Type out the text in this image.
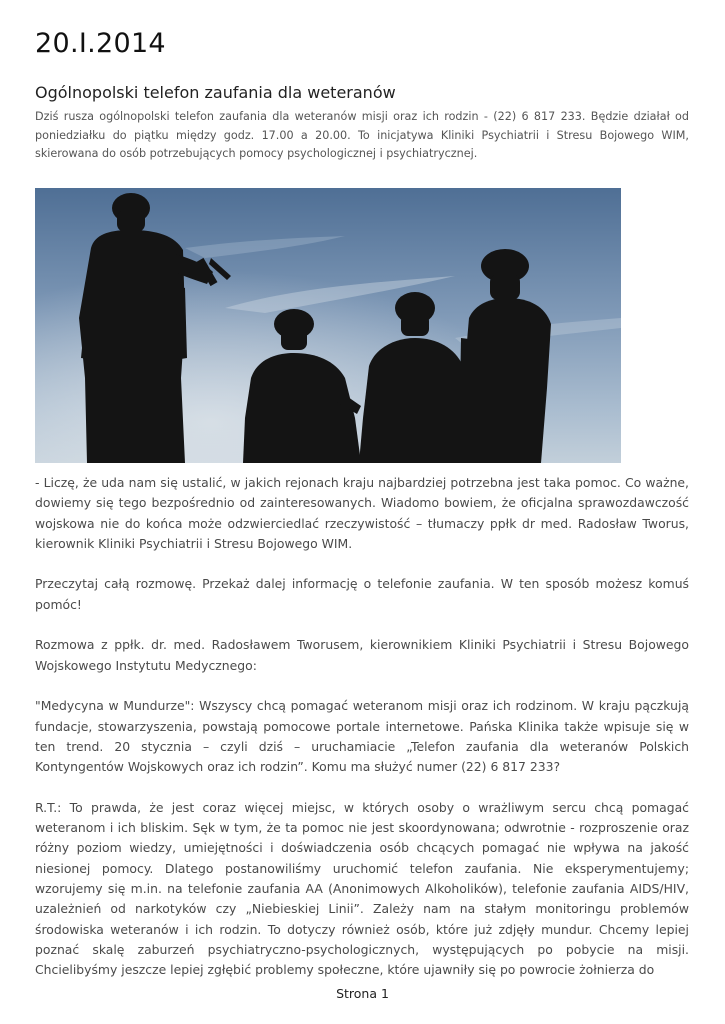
20.I.2014
Ogólnopolski telefon zaufania dla weteranów

Dziś rusza ogólnopolski telefon zaufania dla weteranów misji oraz ich rodzin - (22) 6 817 233. Będzie działał od poniedziałku do piątku między godz. 17.00 a 20.00. To inicjatywa Kliniki Psychiatrii i Stresu Bojowego WIM, skierowana do osób potrzebujących pomocy psychologicznej i psychiatrycznej.

- Liczę, że uda nam się ustalić, w jakich rejonach kraju najbardziej potrzebna jest taka pomoc. Co ważne, dowiemy się tego bezpośrednio od zainteresowanych. Wiadomo bowiem, że oficjalna sprawozdawczość wojskowa nie do końca może odzwierciedlać rzeczywistość – tłumaczy ppłk dr med. Radosław Tworus, kierownik Kliniki Psychiatrii i Stresu Bojowego WIM.

Przeczytaj całą rozmowę. Przekaż dalej informację o telefonie zaufania. W ten sposób możesz komuś pomóc!

Rozmowa z ppłk. dr. med. Radosławem Tworusem, kierownikiem Kliniki Psychiatrii i Stresu Bojowego Wojskowego Instytutu Medycznego:

"Medycyna w Mundurze": Wszyscy chcą pomagać weteranom misji oraz ich rodzinom. W kraju pączkują fundacje, stowarzyszenia, powstają pomocowe portale internetowe. Pańska Klinika także wpisuje się w ten trend. 20 stycznia – czyli dziś – uruchamiacie „Telefon zaufania dla weteranów Polskich Kontyngentów Wojskowych oraz ich rodzin”. Komu ma służyć numer (22) 6 817 233?

R.T.: To prawda, że jest coraz więcej miejsc, w których osoby o wrażliwym sercu chcą pomagać weteranom i ich bliskim. Sęk w tym, że ta pomoc nie jest skoordynowana; odwrotnie - rozproszenie oraz różny poziom wiedzy, umiejętności i doświadczenia osób chcących pomagać nie wpływa na jakość niesionej pomocy. Dlatego postanowiliśmy uruchomić telefon zaufania. Nie eksperymentujemy; wzorujemy się m.in. na telefonie zaufania AA (Anonimowych Alkoholików), telefonie zaufania AIDS/HIV, uzależnień od narkotyków czy „Niebieskiej Linii”. Zależy nam na stałym monitoringu problemów środowiska weteranów i ich rodzin. To dotyczy również osób, które już zdjęły mundur. Chcemy lepiej poznać skalę zaburzeń psychiatryczno-psychologicznych, występujących po pobycie na misji. Chcielibyśmy jeszcze lepiej zgłębić problemy społeczne, które ujawniły się po powrocie żołnierza do

Strona 1
